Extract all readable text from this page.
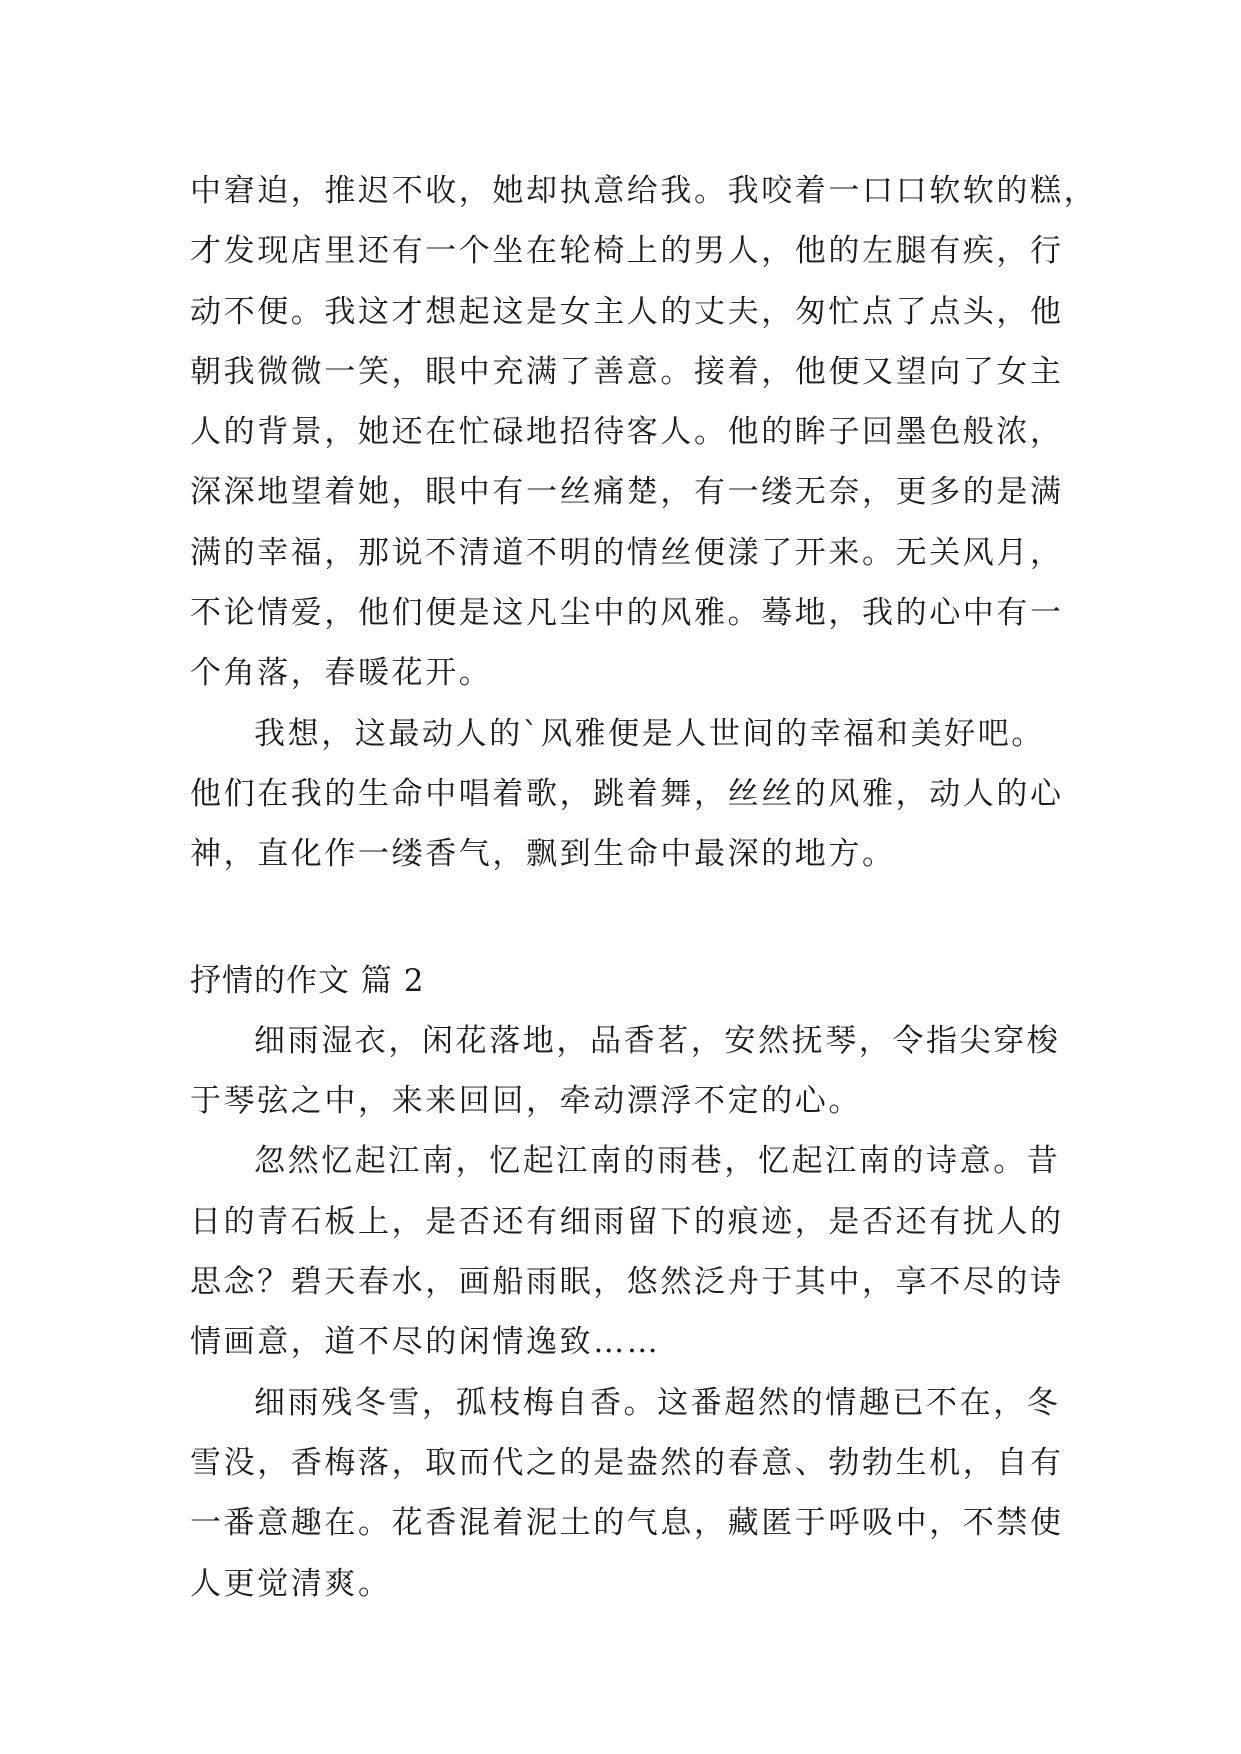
中窘迫，推迟不收，她却执意给我。我咬着一口口软软的糕，
才发现店里还有一个坐在轮椅上的男人，他的左腿有疾，行
动不便。我这才想起这是女主人的丈夫，匆忙点了点头，他
朝我微微一笑，眼中充满了善意。接着，他便又望向了女主
人的背景，她还在忙碌地招待客人。他的眸子回墨色般浓，
深深地望着她，眼中有一丝痛楚，有一缕无奈，更多的是满
满的幸福，那说不清道不明的情丝便漾了开来。无关风月，
不论情爱，他们便是这凡尘中的风雅。蓦地，我的心中有一
个角落，春暖花开。
我想，这最动人的`风雅便是人世间的幸福和美好吧。
他们在我的生命中唱着歌，跳着舞，丝丝的风雅，动人的心
神，直化作一缕香气，飘到生命中最深的地方。
抒情的作文 篇 2
细雨湿衣，闲花落地，品香茗，安然抚琴，令指尖穿梭
于琴弦之中，来来回回，牵动漂浮不定的心。
忽然忆起江南，忆起江南的雨巷，忆起江南的诗意。昔
日的青石板上，是否还有细雨留下的痕迹，是否还有扰人的
思念？碧天春水，画船雨眠，悠然泛舟于其中，享不尽的诗
情画意，道不尽的闲情逸致……
细雨残冬雪，孤枝梅自香。这番超然的情趣已不在，冬
雪没，香梅落，取而代之的是盎然的春意、勃勃生机，自有
一番意趣在。花香混着泥土的气息，藏匿于呼吸中，不禁使
人更觉清爽。
